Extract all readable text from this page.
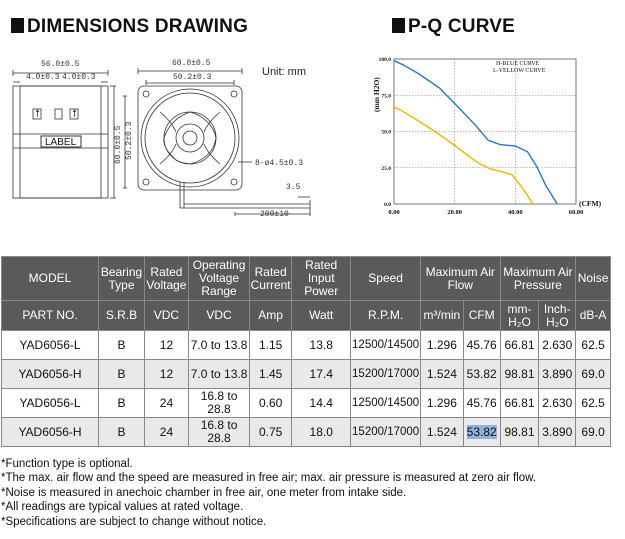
DIMENSIONS DRAWING	P-Q CURVE
56.0±0.5
4.0±0.3 4.0±0.3
LABEL	60.0±0.5 50.2±0.3
60.0±0.5
50.2±0.3
8-ø4.5±0.3
3.5
200±10
Unit: mm
0.0
25.0
50.0
75.0
100.0
0.00	20.00	40.00	60.00
(mm H2O)
(CFM)
H-BLUE CURVE
L-YELLOW CURVE
MODEL	Bearing Type	Rated Voltage	Operating Voltage Range	Rated Current	Rated Input Power	Speed	Maximum Air Flow		Maximum Air Pressure		Noise
PART NO.	S.R.B	VDC	VDC	Amp	Watt	R.P.M.	m³/min	CFM	mm-H₂O	Inch-H₂O	dB-A
YAD6056-L	B	12	7.0 to 13.8	1.15	13.8	12500/14500	1.296	45.76	66.81	2.630	62.5
YAD6056-H	B	12	7.0 to 13.8	1.45	17.4	15200/17000	1.524	53.82	98.81	3.890	69.0
YAD6056-L	B	24	16.8 to 28.8	0.60	14.4	12500/14500	1.296	45.76	66.81	2.630	62.5
YAD6056-H	B	24	16.8 to 28.8	0.75	18.0	15200/17000	1.524	53.82	98.81	3.890	69.0
*Function type is optional.
*The max. air flow and the speed are measured in free air; max. air pressure is measured at zero air flow.
*Noise is measured in anechoic chamber in free air, one meter from intake side.
*All readings are typical values at rated voltage.
*Specifications are subject to change without notice.
